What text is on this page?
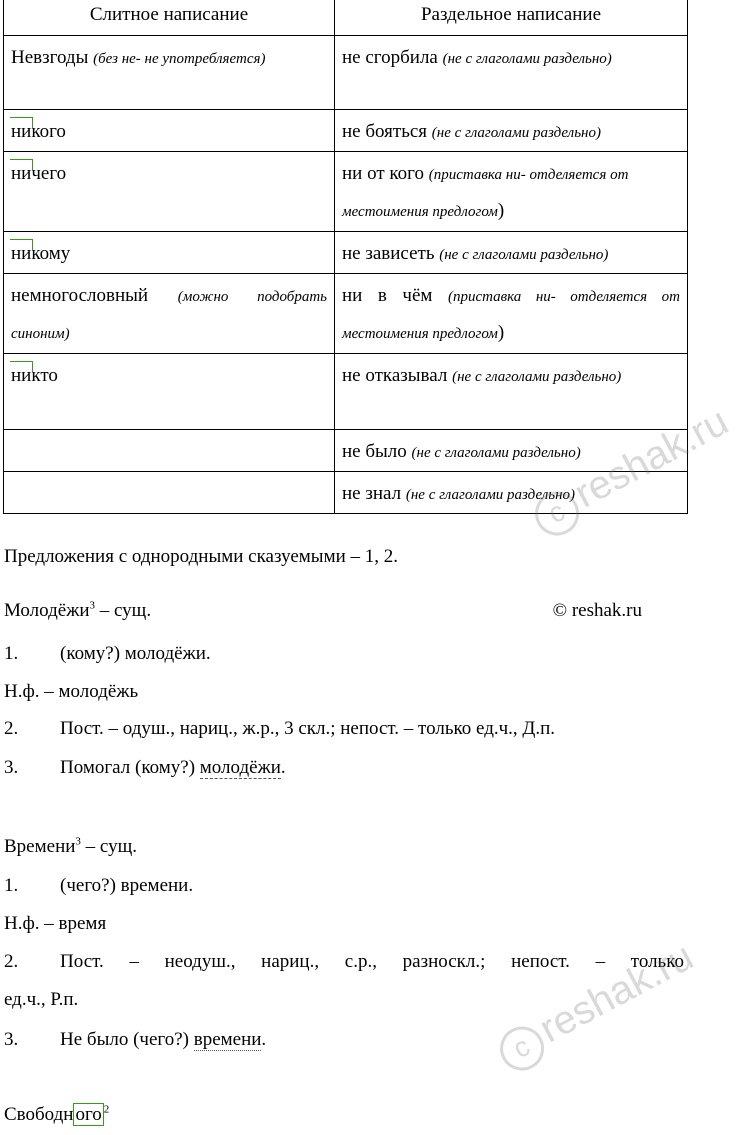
Слитное написание	Раздельное написание
Невзгоды (без не- не употребляется)	не сгорбила (не с глаголами раздельно)

никого	не бояться (не с глаголами раздельно)

ничего	ни от кого (приставка ни- отделяется от местоимения предлогом)

никому	не зависеть (не с глаголами раздельно)
немногословный (можно подобрать синоним)	ни в чём (приставка ни- отделяется от местоимения предлогом)

никто	не отказывал (не с глаголами раздельно)
	не было (не с глаголами раздельно)
	не знал (не с глаголами раздельно)
Предложения с однородными сказуемыми – 1, 2.
Молодёжи$^3$ – сущ.	© reshak.ru
1. (кому?) молодёжи.
Н.ф. – молодёжь
2. Пост. – одуш., нариц., ж.р., 3 скл.; непост. – только ед.ч., Д.п.
3. Помогал (кому?) молодёжи.
Времени$^3$ – сущ.
1. (чего?) времени.
Н.ф. – время
2. Пост. – неодуш., нариц., с.р., разноскл.; непост. – только
ед.ч., Р.п.
3. Не было (чего?) времени.
Свободн ого $^2$
creshak.ru
creshak.ru
